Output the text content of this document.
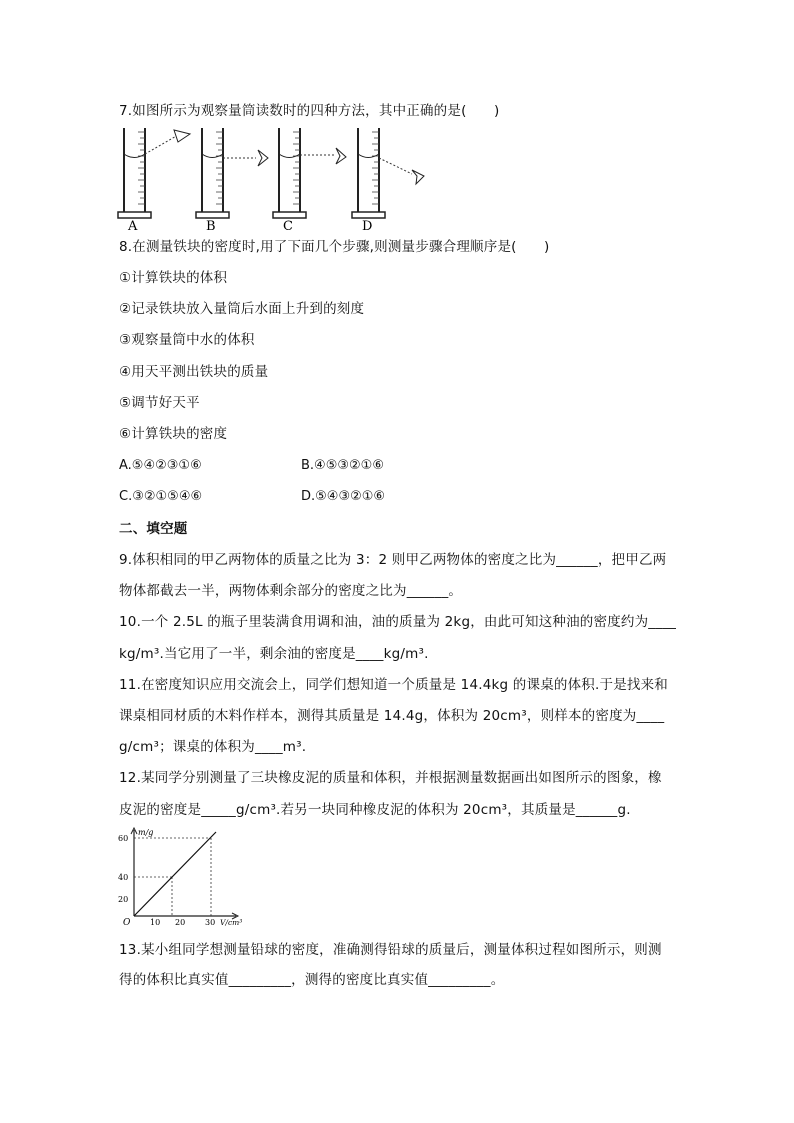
7.如图所示为观察量筒读数时的四种方法，其中正确的是(　　)
A	B	C	D
8.在测量铁块的密度时,用了下面几个步骤,则测量步骤合理顺序是(　　)
①计算铁块的体积
②记录铁块放入量筒后水面上升到的刻度
③观察量筒中水的体积
④用天平测出铁块的质量
⑤调节好天平
⑥计算铁块的密度
A.⑤④②③①⑥	B.④⑤③②①⑥
C.③②①⑤④⑥	D.⑤④③②①⑥
二、填空题
9.体积相同的甲乙两物体的质量之比为 3：2 则甲乙两物体的密度之比为______，把甲乙两
物体都截去一半，两物体剩余部分的密度之比为______。
10.一个 2.5L 的瓶子里装满食用调和油，油的质量为 2kg，由此可知这种油的密度约为____
kg/m³.当它用了一半，剩余油的密度是____kg/m³.
11.在密度知识应用交流会上，同学们想知道一个质量是 14.4kg 的课桌的体积.于是找来和
课桌相同材质的木料作样本，测得其质量是 14.4g，体积为 20cm³，则样本的密度为____
g/cm³；课桌的体积为____m³.
12.某同学分别测量了三块橡皮泥的质量和体积，并根据测量数据画出如图所示的图象，橡
皮泥的密度是_____g/cm³.若另一块同种橡皮泥的体积为 20cm³，其质量是______g.
m/g
60
40
20
O 10 20 30 V/cm³
13.某小组同学想测量铅球的密度，准确测得铅球的质量后，测量体积过程如图所示，则测
得的体积比真实值_________，测得的密度比真实值_________。
